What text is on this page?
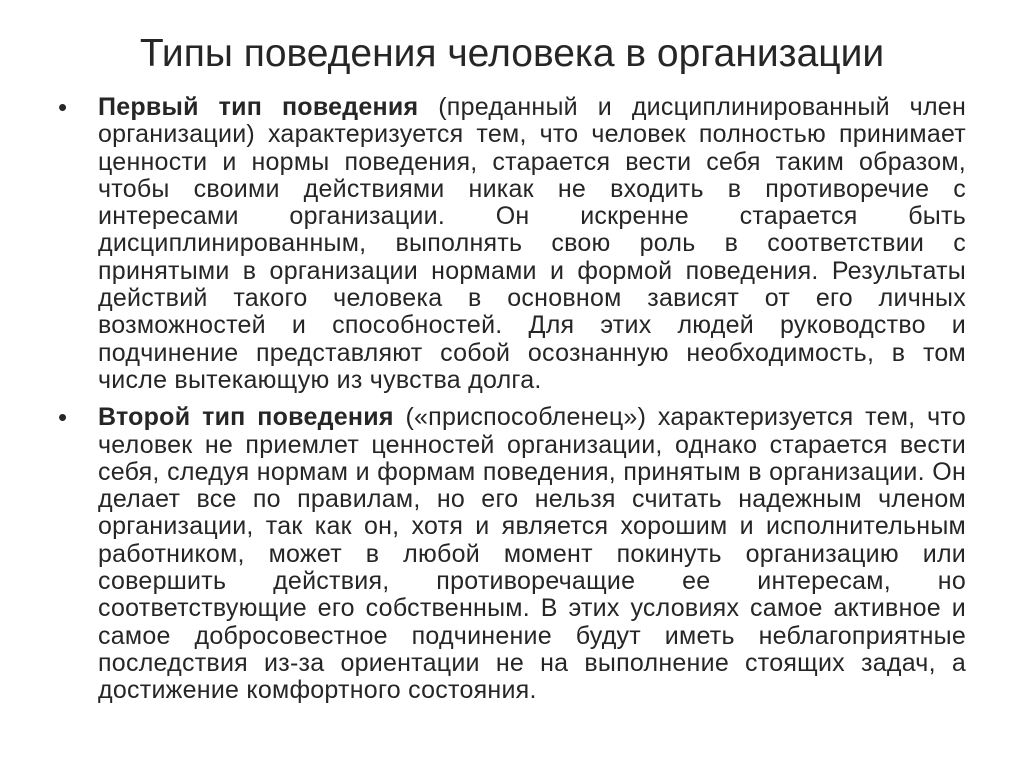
Типы поведения человека в организации
• Первый тип поведения (преданный и дисциплинированный член организации) характеризуется тем, что человек полностью принимает ценности и нормы поведения, старается вести себя таким образом, чтобы своими действиями никак не входить в противоречие с интересами организации. Он искренне старается быть дисциплинированным, выполнять свою роль в соответствии с принятыми в организации нормами и формой поведения. Результаты действий такого человека в основном зависят от его личных возможностей и способностей. Для этих людей руководство и подчинение представляют собой осознанную необходимость, в том числе вытекающую из чувства долга.
• Второй тип поведения («приспособленец») характеризуется тем, что человек не приемлет ценностей организации, однако старается вести себя, следуя нормам и формам поведения, принятым в организации. Он делает все по правилам, но его нельзя считать надежным членом организации, так как он, хотя и является хорошим и исполнительным работником, может в любой момент покинуть организацию или совершить действия, противоречащие ее интересам, но соответствующие его собственным. В этих условиях самое активное и самое добросовестное подчинение будут иметь неблагоприятные последствия из-за ориентации не на выполнение стоящих задач, а достижение комфортного состояния.
